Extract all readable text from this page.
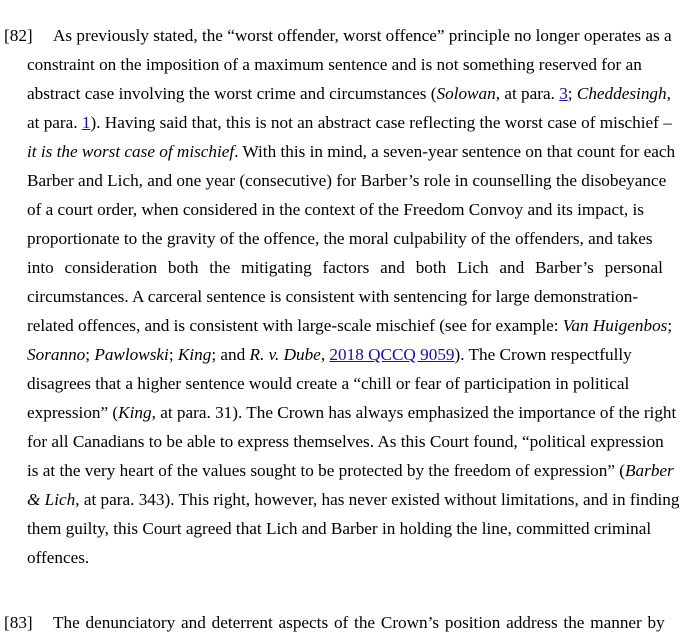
[82] As previously stated, the “worst offender, worst offence” principle no longer operates as a
constraint on the imposition of a maximum sentence and is not something reserved for an
abstract case involving the worst crime and circumstances (Solowan, at para. 3; Cheddesingh,
at para. 1). Having said that, this is not an abstract case reflecting the worst case of mischief –
it is the worst case of mischief. With this in mind, a seven-year sentence on that count for each
Barber and Lich, and one year (consecutive) for Barber’s role in counselling the disobeyance
of a court order, when considered in the context of the Freedom Convoy and its impact, is
proportionate to the gravity of the offence, the moral culpability of the offenders, and takes
into consideration both the mitigating factors and both Lich and Barber’s personal
circumstances. A carceral sentence is consistent with sentencing for large demonstration-
related offences, and is consistent with large-scale mischief (see for example: Van Huigenbos;
Soranno; Pawlowski; King; and R. v. Dube, 2018 QCCQ 9059). The Crown respectfully
disagrees that a higher sentence would create a “chill or fear of participation in political
expression” (King, at para. 31). The Crown has always emphasized the importance of the right
for all Canadians to be able to express themselves. As this Court found, “political expression
is at the very heart of the values sought to be protected by the freedom of expression” (Barber
& Lich, at para. 343). This right, however, has never existed without limitations, and in finding
them guilty, this Court agreed that Lich and Barber in holding the line, committed criminal
offences.
[83] The denunciatory and deterrent aspects of the Crown’s position address the manner by
